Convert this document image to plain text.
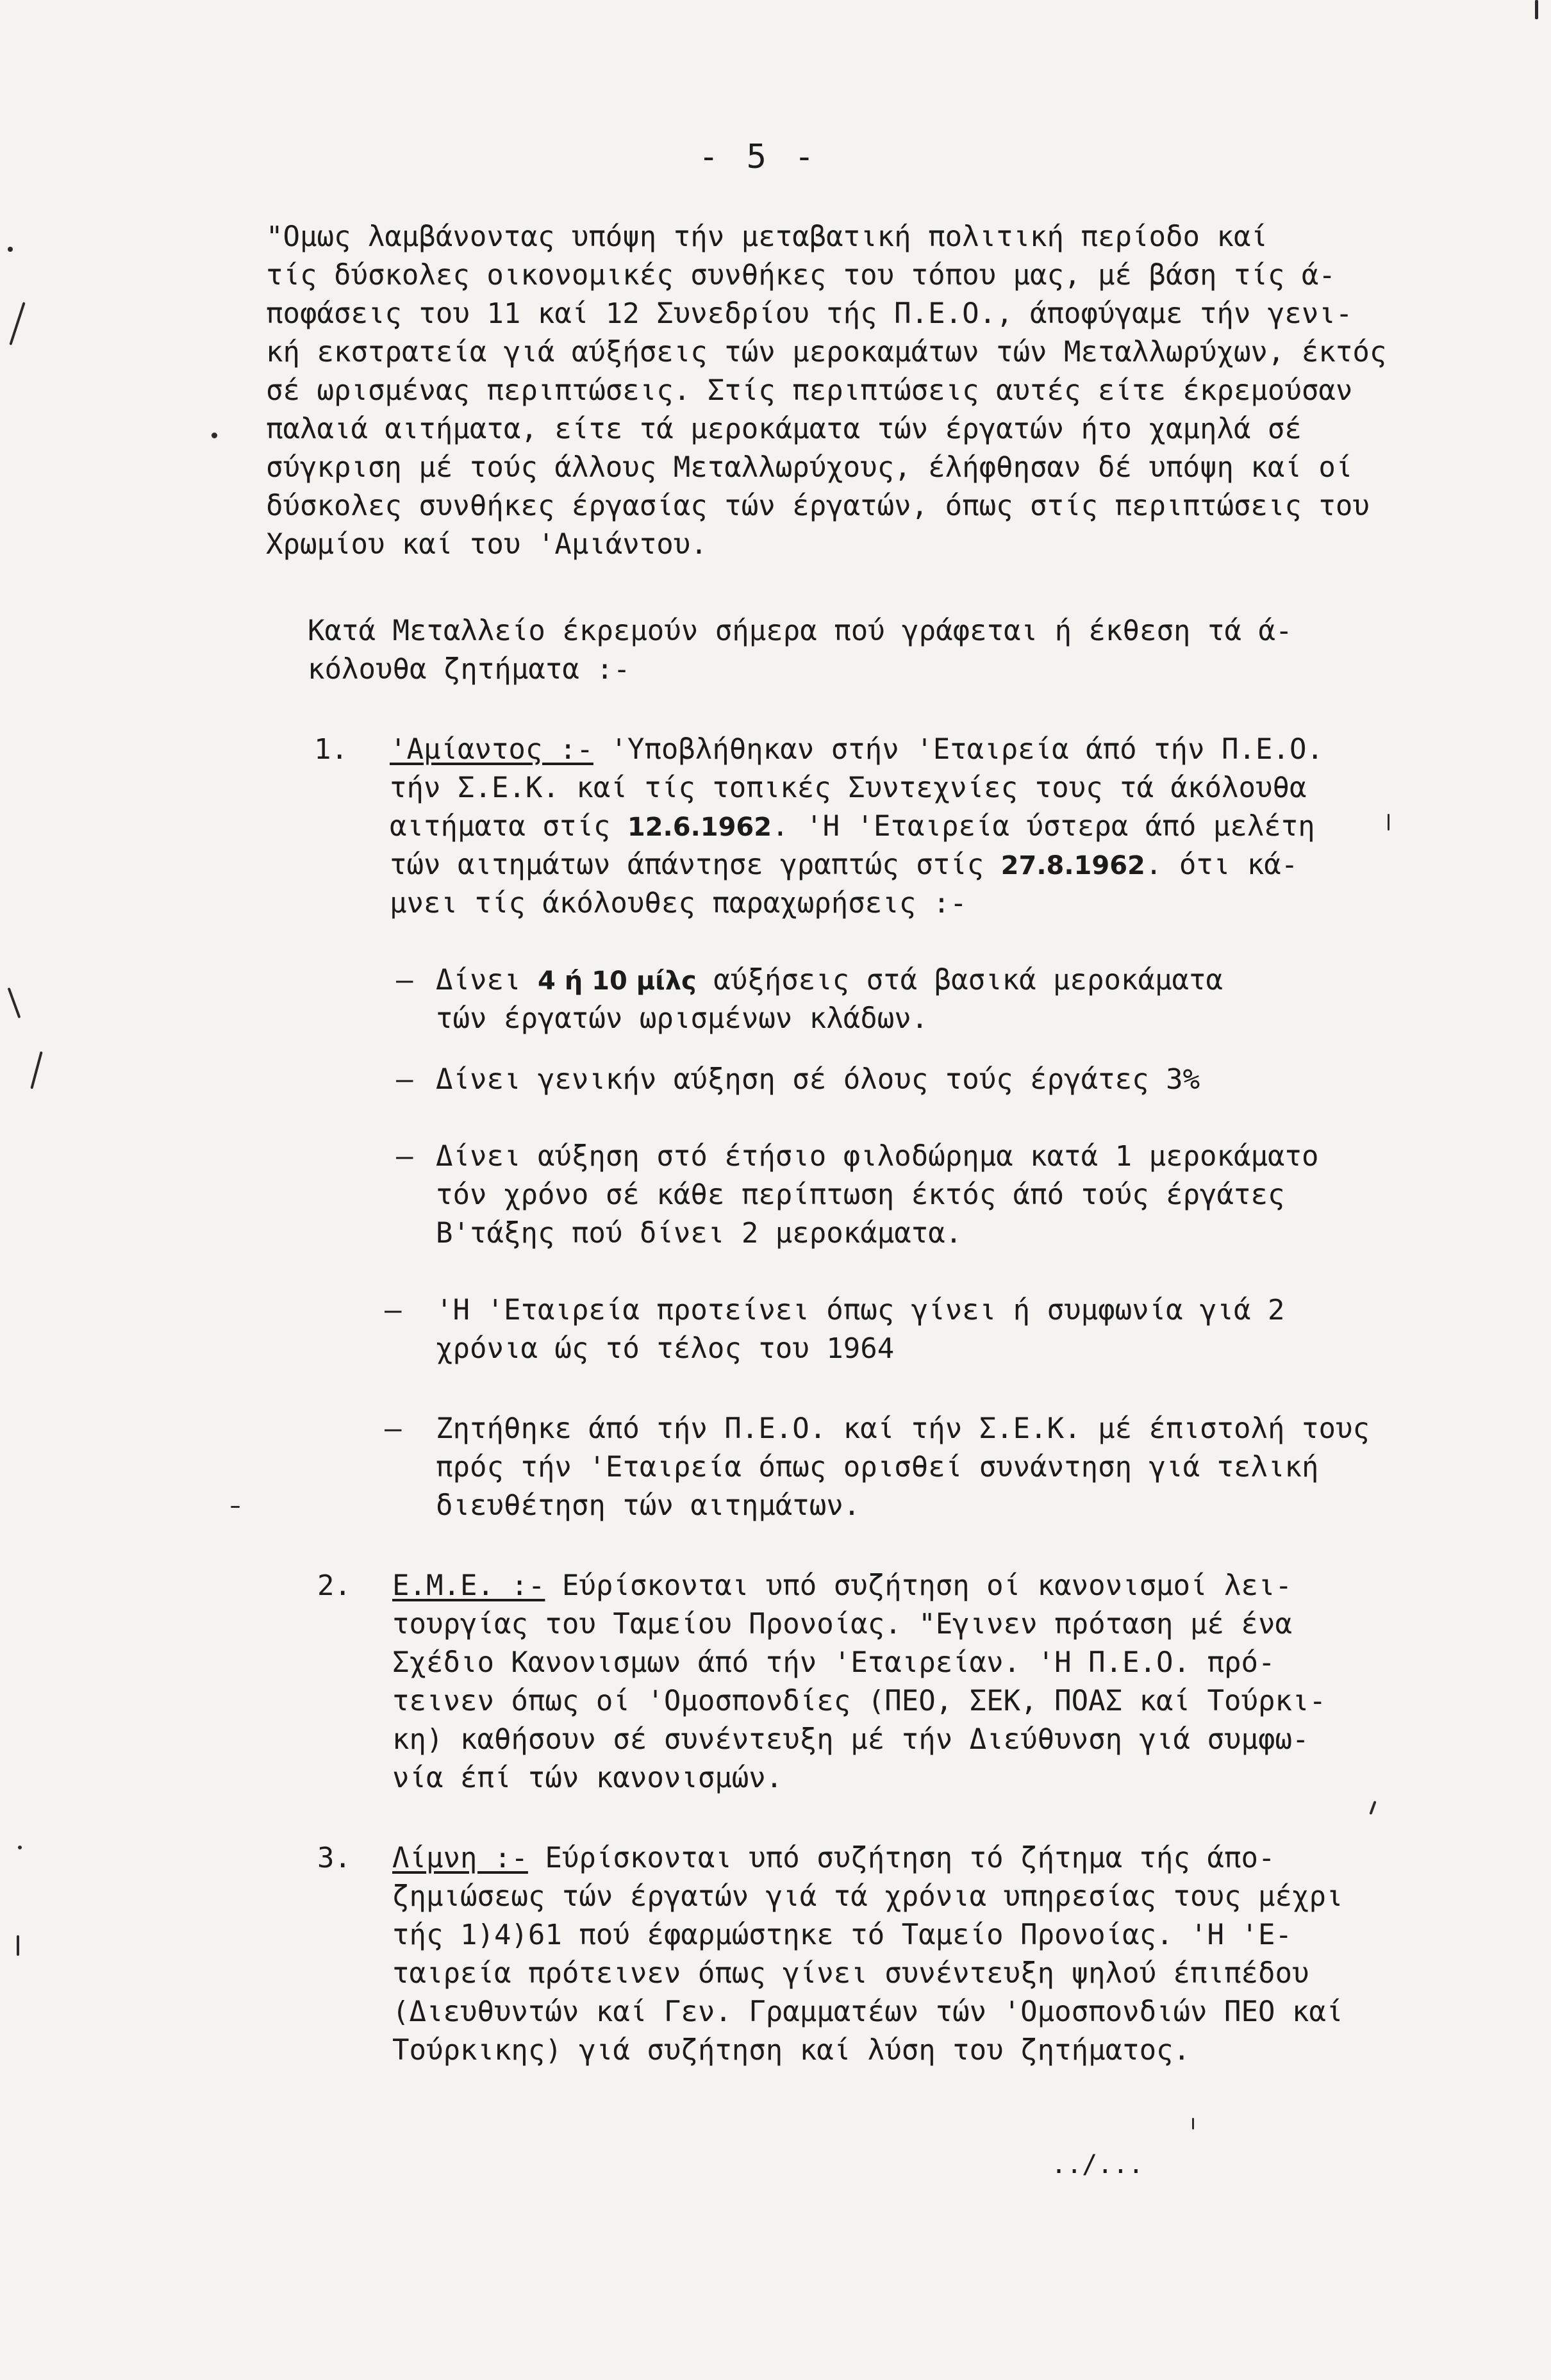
- 5 -
"Ομως λαμβάνοντας υπόψη τήν μεταβατική πολιτική περίοδο καί
τίς δύσκολες οικονομικές συνθήκες του τόπου μας, μέ βάση τίς ά-
ποφάσεις του 11 καί 12 Συνεδρίου τής Π.Ε.Ο., άποφύγαμε τήν γενι-
κή εκστρατεία γιά αύξήσεις τών μεροκαμάτων τών Μεταλλωρύχων, έκτός
σέ ωρισμένας περιπτώσεις. Στίς περιπτώσεις αυτές είτε έκρεμούσαν
παλαιά αιτήματα, είτε τά μεροκάματα τών έργατών ήτο χαμηλά σέ
σύγκριση μέ τούς άλλους Μεταλλωρύχους, έλήφθησαν δέ υπόψη καί οί
δύσκολες συνθήκες έργασίας τών έργατών, όπως στίς περιπτώσεις του
Χρωμίου καί του 'Αμιάντου.
Κατά Μεταλλείο έκρεμούν σήμερα πού γράφεται ή έκθεση τά ά-
κόλουθα ζητήματα :-
1. 'Αμίαντος :- 'Υποβλήθηκαν στήν 'Εταιρεία άπό τήν Π.Ε.Ο.
τήν Σ.Ε.Κ. καί τίς τοπικές Συντεχνίες τους τά άκόλουθα
αιτήματα στίς 12.6.1962. 'Η 'Εταιρεία ύστερα άπό μελέτη
τών αιτημάτων άπάντησε γραπτώς στίς 27.8.1962. ότι κά-
μνει τίς άκόλουθες παραχωρήσεις :-
– Δίνει 4 ή 10 μίλς αύξήσεις στά βασικά μεροκάματα
τών έργατών ωρισμένων κλάδων.
– Δίνει γενικήν αύξηση σέ όλους τούς έργάτες 3%
– Δίνει αύξηση στό έτήσιο φιλοδώρημα κατά 1 μεροκάματο
τόν χρόνο σέ κάθε περίπτωση έκτός άπό τούς έργάτες
Β'τάξης πού δίνει 2 μεροκάματα.
– 'Η 'Εταιρεία προτείνει όπως γίνει ή συμφωνία γιά 2
χρόνια ώς τό τέλος του 1964
– Ζητήθηκε άπό τήν Π.Ε.Ο. καί τήν Σ.Ε.Κ. μέ έπιστολή τους
πρός τήν 'Εταιρεία όπως ορισθεί συνάντηση γιά τελική
διευθέτηση τών αιτημάτων.
2. Ε.Μ.Ε. :- Εύρίσκονται υπό συζήτηση οί κανονισμοί λει-
τουργίας του Ταμείου Προνοίας. "Εγινεν πρόταση μέ ένα
Σχέδιο Κανονισμων άπό τήν 'Εταιρείαν. 'Η Π.Ε.Ο. πρό-
τεινεν όπως οί 'Ομοσπονδίες (ΠΕΟ, ΣΕΚ, ΠΟΑΣ καί Τούρκι-
κη) καθήσουν σέ συνέντευξη μέ τήν Διεύθυνση γιά συμφω-
νία έπί τών κανονισμών.
3. Λίμνη :- Εύρίσκονται υπό συζήτηση τό ζήτημα τής άπο-
ζημιώσεως τών έργατών γιά τά χρόνια υπηρεσίας τους μέχρι
τής 1)4)61 πού έφαρμώστηκε τό Ταμείο Προνοίας. 'Η 'Ε-
ταιρεία πρότεινεν όπως γίνει συνέντευξη ψηλού έπιπέδου
(Διευθυντών καί Γεν. Γραμματέων τών 'Ομοσπονδιών ΠΕΟ καί
Τούρκικης) γιά συζήτηση καί λύση του ζητήματος.
../...
